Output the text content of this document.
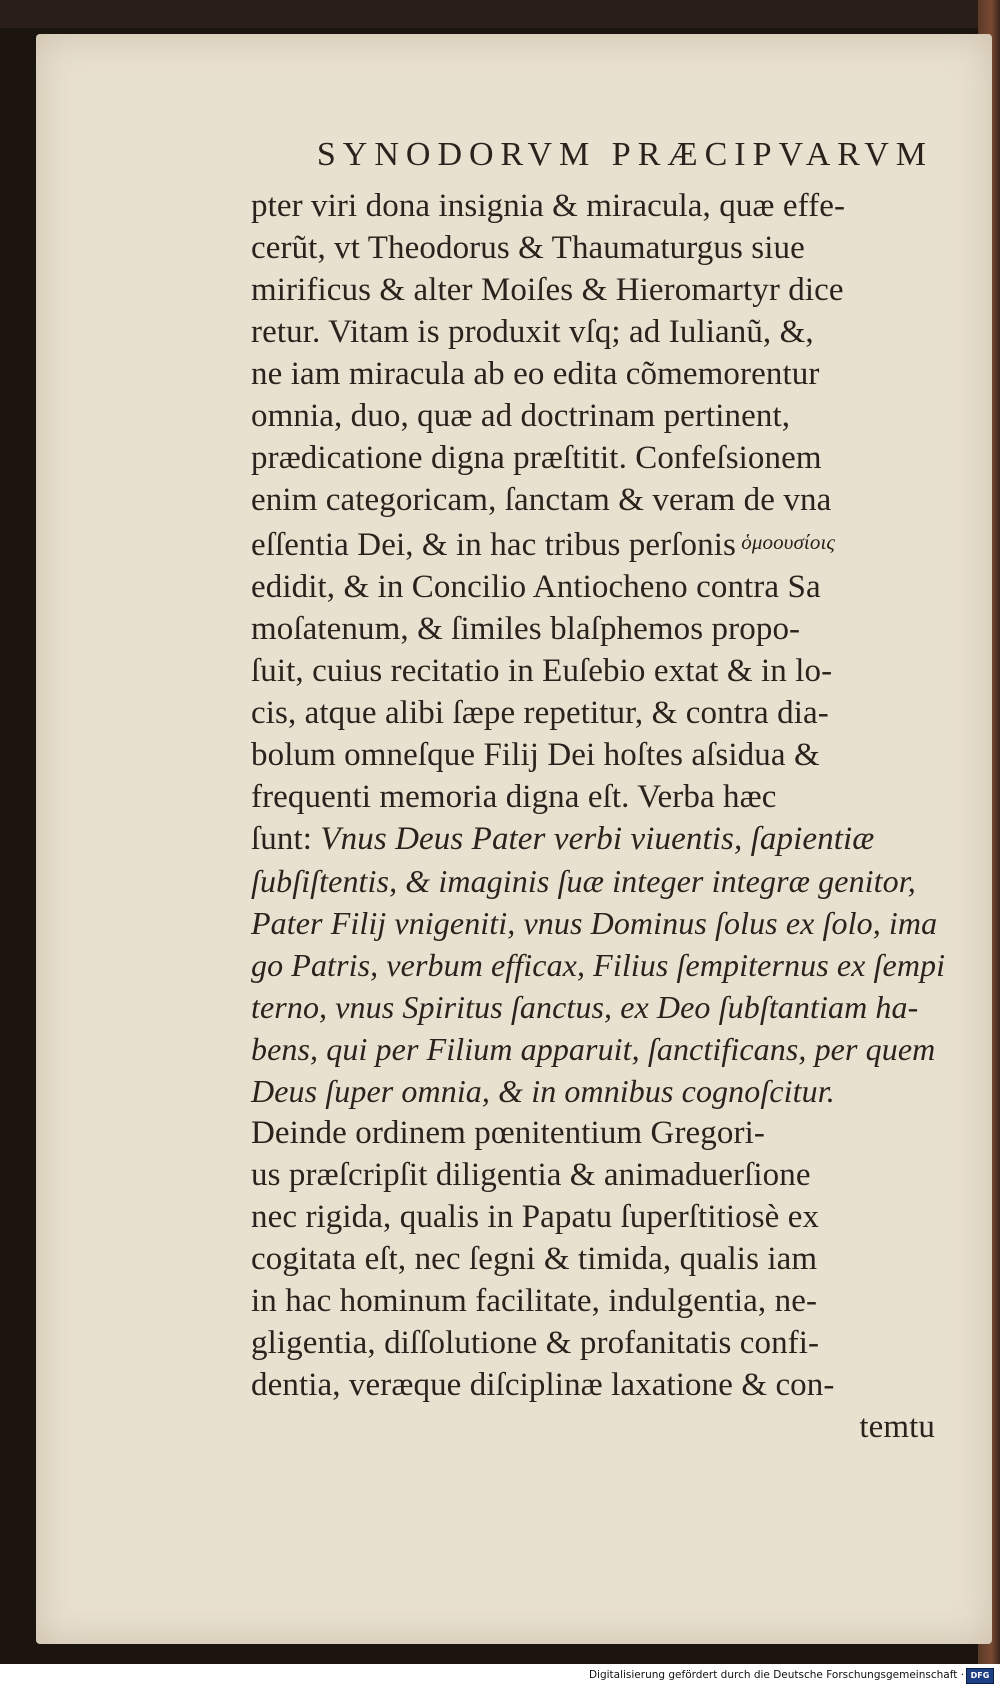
SYNODORVM PRÆCIPVARVM
pter viri dona insignia & miracula, quæ effe-
cerũt, vt Theodorus & Thaumaturgus siue
mirificus & alter Moiſes & Hieromartyr dice
retur. Vitam is produxit vſq; ad Iulianũ, &,
ne iam miracula ab eo edita cõmemorentur
omnia, duo, quæ ad doctrinam pertinent,
prædicatione digna præſtitit. Confeſsionem
enim categoricam, ſanctam & veram de vna
eſſentia Dei, & in hac tribus perſonis ὁμοουσίοις
edidit, & in Concilio Antiocheno contra Sa
moſatenum, & ſimiles blaſphemos propo-
ſuit, cuius recitatio in Euſebio extat & in lo-
cis, atque alibi ſæpe repetitur, & contra dia-
bolum omneſque Filij Dei hoſtes aſsidua &
frequenti memoria digna eſt. Verba hæc
ſunt: Vnus Deus Pater verbi viuentis, ſapientiæ
ſubſiſtentis, & imaginis ſuæ integer integræ genitor,
Pater Filij vnigeniti, vnus Dominus ſolus ex ſolo, ima
go Patris, verbum efficax, Filius ſempiternus ex ſempi
terno, vnus Spiritus ſanctus, ex Deo ſubſtantiam ha-
bens, qui per Filium apparuit, ſanctificans, per quem
Deus ſuper omnia, & in omnibus cognoſcitur.
Deinde ordinem pœnitentium Gregori-
us præſcripſit diligentia & animaduerſione
nec rigida, qualis in Papatu ſuperſtitiosè ex
cogitata eſt, nec ſegni & timida, qualis iam
in hac hominum facilitate, indulgentia, ne-
gligentia, diſſolutione & profanitatis confi-
dentia, veræque diſciplinæ laxatione & con-
temtu
Digitalisierung gefördert durch die Deutsche Forschungsgemeinschaft · DFG
